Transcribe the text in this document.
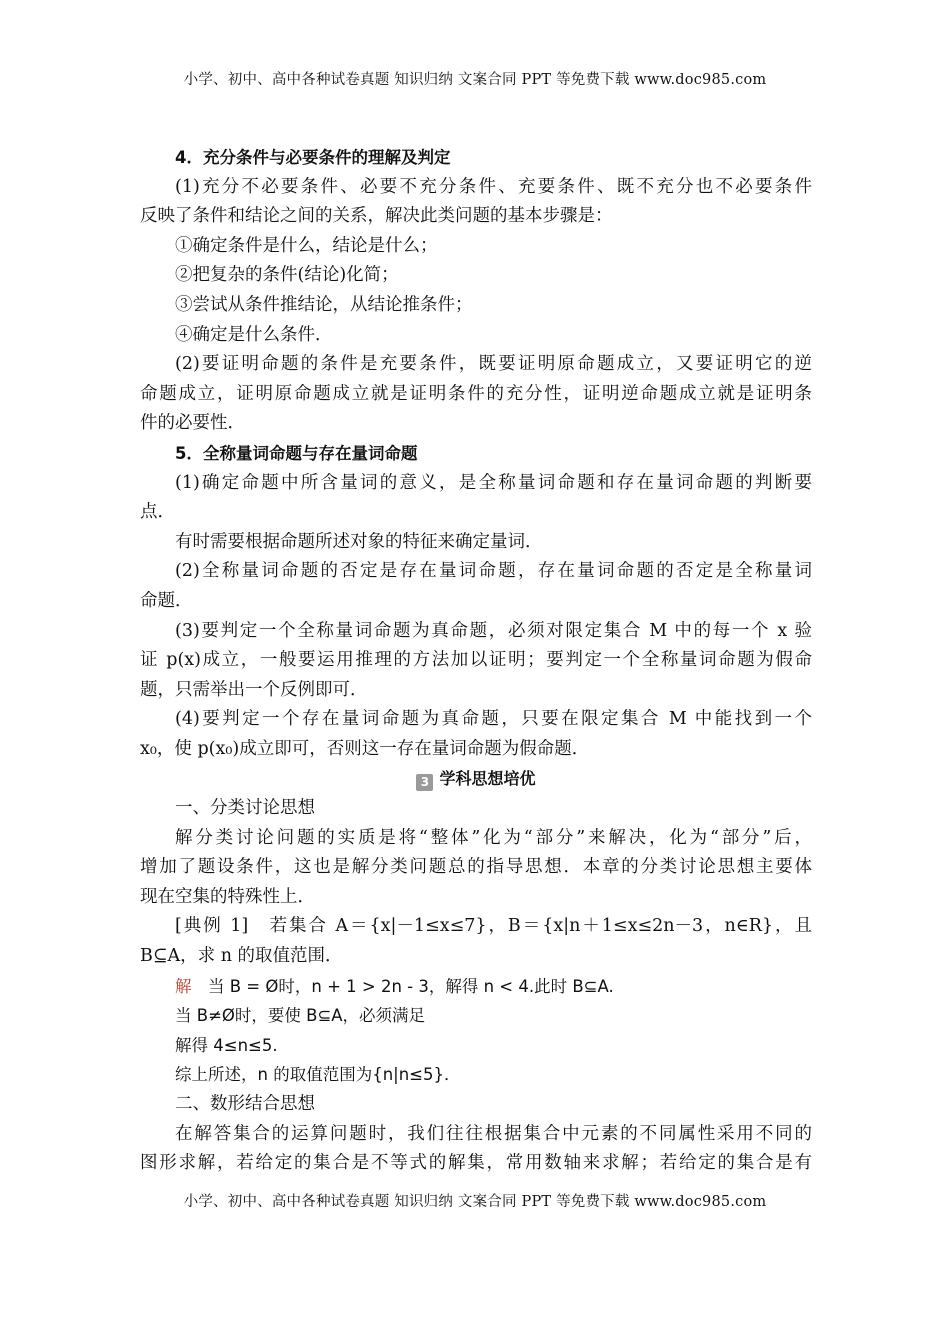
小学、初中、高中各种试卷真题 知识归纳 文案合同 PPT 等免费下载 www.doc985.com
4．充分条件与必要条件的理解及判定
(1)充分不必要条件、必要不充分条件、充要条件、既不充分也不必要条件
反映了条件和结论之间的关系，解决此类问题的基本步骤是：
①确定条件是什么，结论是什么；
②把复杂的条件(结论)化简；
③尝试从条件推结论，从结论推条件；
④确定是什么条件．
(2)要证明命题的条件是充要条件，既要证明原命题成立，又要证明它的逆
命题成立，证明原命题成立就是证明条件的充分性，证明逆命题成立就是证明条
件的必要性．
5．全称量词命题与存在量词命题
(1)确定命题中所含量词的意义，是全称量词命题和存在量词命题的判断要
点．
有时需要根据命题所述对象的特征来确定量词．
(2)全称量词命题的否定是存在量词命题，存在量词命题的否定是全称量词
命题．
(3)要判定一个全称量词命题为真命题，必须对限定集合 M 中的每一个 x 验
证 p(x)成立，一般要运用推理的方法加以证明；要判定一个全称量词命题为假命
题，只需举出一个反例即可．
(4)要判定一个存在量词命题为真命题，只要在限定集合 M 中能找到一个
x₀，使 p(x₀)成立即可，否则这一存在量词命题为假命题．
3 学科思想培优
一、分类讨论思想
解分类讨论问题的实质是将“整体”化为“部分”来解决，化为“部分”后，
增加了题设条件，这也是解分类问题总的指导思想．本章的分类讨论思想主要体
现在空集的特殊性上．
[典例 1]　若集合 A＝{x|－1≤x≤7}，B＝{x|n＋1≤x≤2n－3，n∈R}，且
B⊆A，求 n 的取值范围．
解　当 B = Ø时，n + 1 > 2n - 3，解得 n < 4.此时 B⊆A.
当 B≠Ø时，要使 B⊆A，必须满足
解得 4≤n≤5.
综上所述，n 的取值范围为{n|n≤5}．
二、数形结合思想
在解答集合的运算问题时，我们往往根据集合中元素的不同属性采用不同的
图形求解，若给定的集合是不等式的解集，常用数轴来求解；若给定的集合是有
小学、初中、高中各种试卷真题 知识归纳 文案合同 PPT 等免费下载 www.doc985.com
